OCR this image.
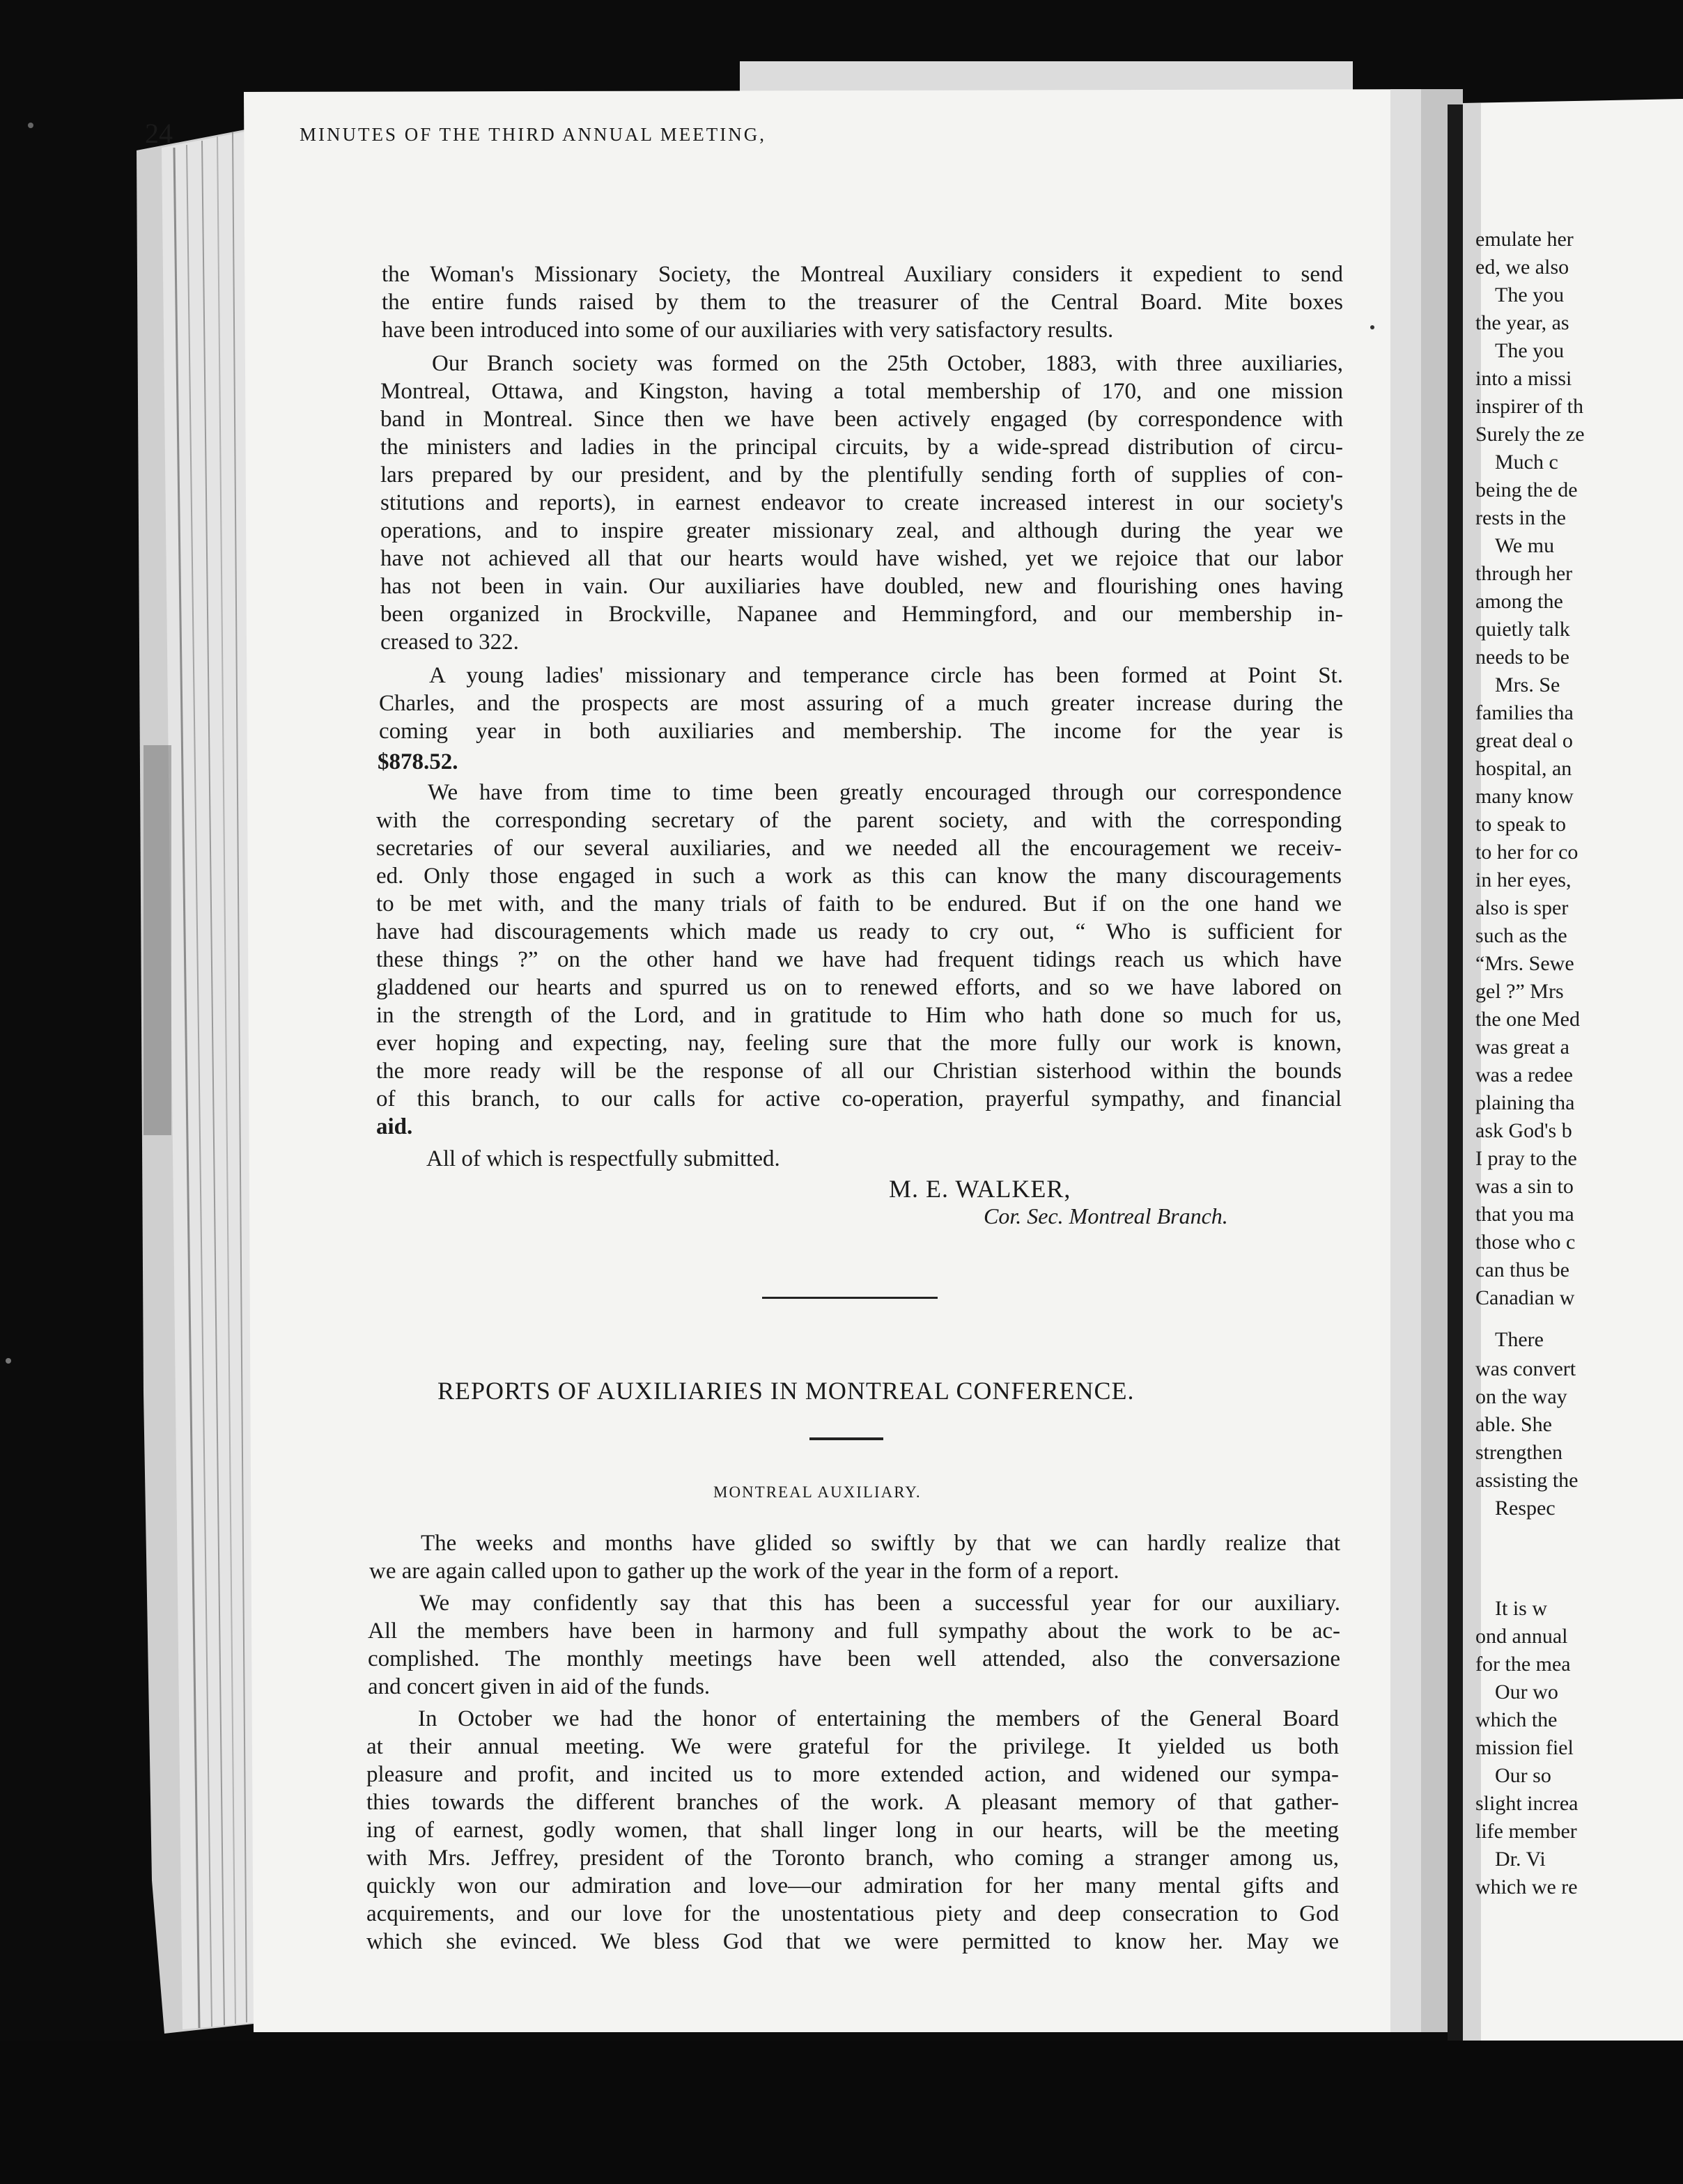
24	MINUTES OF THE THIRD ANNUAL MEETING,
the Woman's Missionary Society, the Montreal Auxiliary considers it expedient to send
the entire funds raised by them to the treasurer of the Central Board. Mite boxes
have been introduced into some of our auxiliaries with very satisfactory results.
Our Branch society was formed on the 25th October, 1883, with three auxiliaries,
Montreal, Ottawa, and Kingston, having a total membership of 170, and one mission
band in Montreal. Since then we have been actively engaged (by correspondence with
the ministers and ladies in the principal circuits, by a wide-spread distribution of circu-
lars prepared by our president, and by the plentifully sending forth of supplies of con-
stitutions and reports), in earnest endeavor to create increased interest in our society's
operations, and to inspire greater missionary zeal, and although during the year we
have not achieved all that our hearts would have wished, yet we rejoice that our labor
has not been in vain. Our auxiliaries have doubled, new and flourishing ones having
been organized in Brockville, Napanee and Hemmingford, and our membership in-
creased to 322.
A young ladies' missionary and temperance circle has been formed at Point St.
Charles, and the prospects are most assuring of a much greater increase during the
coming year in both auxiliaries and membership. The income for the year is
$878.52.
We have from time to time been greatly encouraged through our correspondence
with the corresponding secretary of the parent society, and with the corresponding
secretaries of our several auxiliaries, and we needed all the encouragement we receiv-
ed. Only those engaged in such a work as this can know the many discouragements
to be met with, and the many trials of faith to be endured. But if on the one hand we
have had discouragements which made us ready to cry out, “ Who is sufficient for
these things ?” on the other hand we have had frequent tidings reach us which have
gladdened our hearts and spurred us on to renewed efforts, and so we have labored on
in the strength of the Lord, and in gratitude to Him who hath done so much for us,
ever hoping and expecting, nay, feeling sure that the more fully our work is known,
the more ready will be the response of all our Christian sisterhood within the bounds
of this branch, to our calls for active co-operation, prayerful sympathy, and financial
aid.
All of which is respectfully submitted.
M. E. WALKER,
Cor. Sec. Montreal Branch.
REPORTS OF AUXILIARIES IN MONTREAL CONFERENCE.
MONTREAL AUXILIARY.
The weeks and months have glided so swiftly by that we can hardly realize that
we are again called upon to gather up the work of the year in the form of a report.
We may confidently say that this has been a successful year for our auxiliary.
All the members have been in harmony and full sympathy about the work to be ac-
complished. The monthly meetings have been well attended, also the conversazione
and concert given in aid of the funds.
In October we had the honor of entertaining the members of the General Board
at their annual meeting. We were grateful for the privilege. It yielded us both
pleasure and profit, and incited us to more extended action, and widened our sympa-
thies towards the different branches of the work. A pleasant memory of that gather-
ing of earnest, godly women, that shall linger long in our hearts, will be the meeting
with Mrs. Jeffrey, president of the Toronto branch, who coming a stranger among us,
quickly won our admiration and love—our admiration for her many mental gifts and
acquirements, and our love for the unostentatious piety and deep consecration to God
which she evinced. We bless God that we were permitted to know her. May we
emulate her
ed, we also
The you
the year, as
The you
into a missi
inspirer of th
Surely the ze
Much c
being the de
rests in the
We mu
through her
among the
quietly talk
needs to be
Mrs. Se
families tha
great deal o
hospital, an
many know
to speak to
to her for co
in her eyes,
also is sper
such as the
“Mrs. Sewe
gel ?” Mrs
the one Med
was great a
was a redee
plaining tha
ask God's b
I pray to the
was a sin to
that you ma
those who c
can thus be
Canadian w
There
was convert
on the way
able. She
strengthen
assisting the
Respec
It is w
ond annual
for the mea
Our wo
which the
mission fiel
Our so
slight increa
life member
Dr. Vi
which we re
